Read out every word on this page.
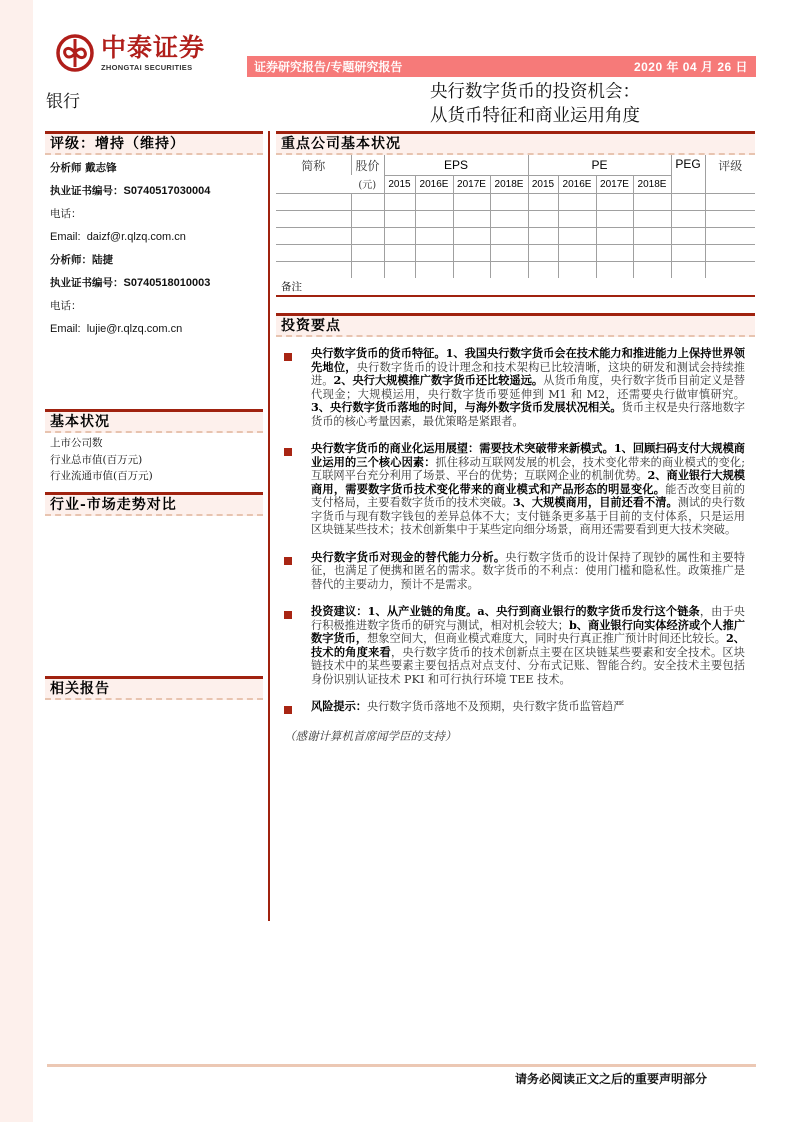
中泰证券
ZHONGTAI SECURITIES	证券研究报告/专题研究报告	2020 年 04 月 26 日
银行	央行数字货币的投资机会：
从货币特征和商业运用角度
评级：增持（维持）
分析师 戴志锋
执业证书编号：S0740517030004
电话：
Email: daizf@r.qlzq.com.cn
分析师：陆捷
执业证书编号：S0740518010003
电话：
Email: lujie@r.qlzq.com.cn
基本状况
上市公司数
行业总市值(百万元)
行业流通市值(百万元)
行业-市场走势对比
相关报告
重点公司基本状况
简称	股价	EPS				PE				PEG	评级
	(元)	2015	2016E	2017E	2018E	2015	2016E	2017E	2018E		

备注
投资要点
央行数字货币的货币特征。1、我国央行数字货币会在技术能力和推进能力上保持世界领先地位，央行数字货币的设计理念和技术架构已比较清晰，这块的研发和测试会持续推进。2、央行大规模推广数字货币还比较遥远。从货币角度，央行数字货币目前定义是替代现金；大规模运用，央行数字货币要延伸到 M1 和 M2，还需要央行做审慎研究。3、央行数字货币落地的时间，与海外数字货币发展状况相关。货币主权是央行落地数字货币的核心考量因素，最优策略是紧跟者。
央行数字货币的商业化运用展望：需要技术突破带来新模式。1、回顾扫码支付大规模商业运用的三个核心因素：抓住移动互联网发展的机会，技术变化带来的商业模式的变化;互联网平台充分利用了场景、平台的优势；互联网企业的机制优势。2、商业银行大规模商用，需要数字货币技术变化带来的商业模式和产品形态的明显变化。能否改变目前的支付格局，主要看数字货币的技术突破。3、大规模商用，目前还看不清。测试的央行数字货币与现有数字钱包的差异总体不大；支付链条更多基于目前的支付体系，只是运用区块链某些技术；技术创新集中于某些定向细分场景，商用还需要看到更大技术突破。
央行数字货币对现金的替代能力分析。央行数字货币的设计保持了现钞的属性和主要特征，也满足了便携和匿名的需求。数字货币的不利点：使用门槛和隐私性。政策推广是替代的主要动力，预计不是需求。
投资建议：1、从产业链的角度。a、央行到商业银行的数字货币发行这个链条，由于央行积极推进数字货币的研究与测试，相对机会较大；b、商业银行向实体经济或个人推广数字货币，想象空间大，但商业模式难度大，同时央行真正推广预计时间还比较长。2、技术的角度来看，央行数字货币的技术创新点主要在区块链某些要素和安全技术。区块链技术中的某些要素主要包括点对点支付、分布式记账、智能合约。安全技术主要包括身份识别认证技术 PKI 和可行执行环境 TEE 技术。
风险提示：央行数字货币落地不及预期，央行数字货币监管趋严
（感谢计算机首席闻学臣的支持）
请务必阅读正文之后的重要声明部分
